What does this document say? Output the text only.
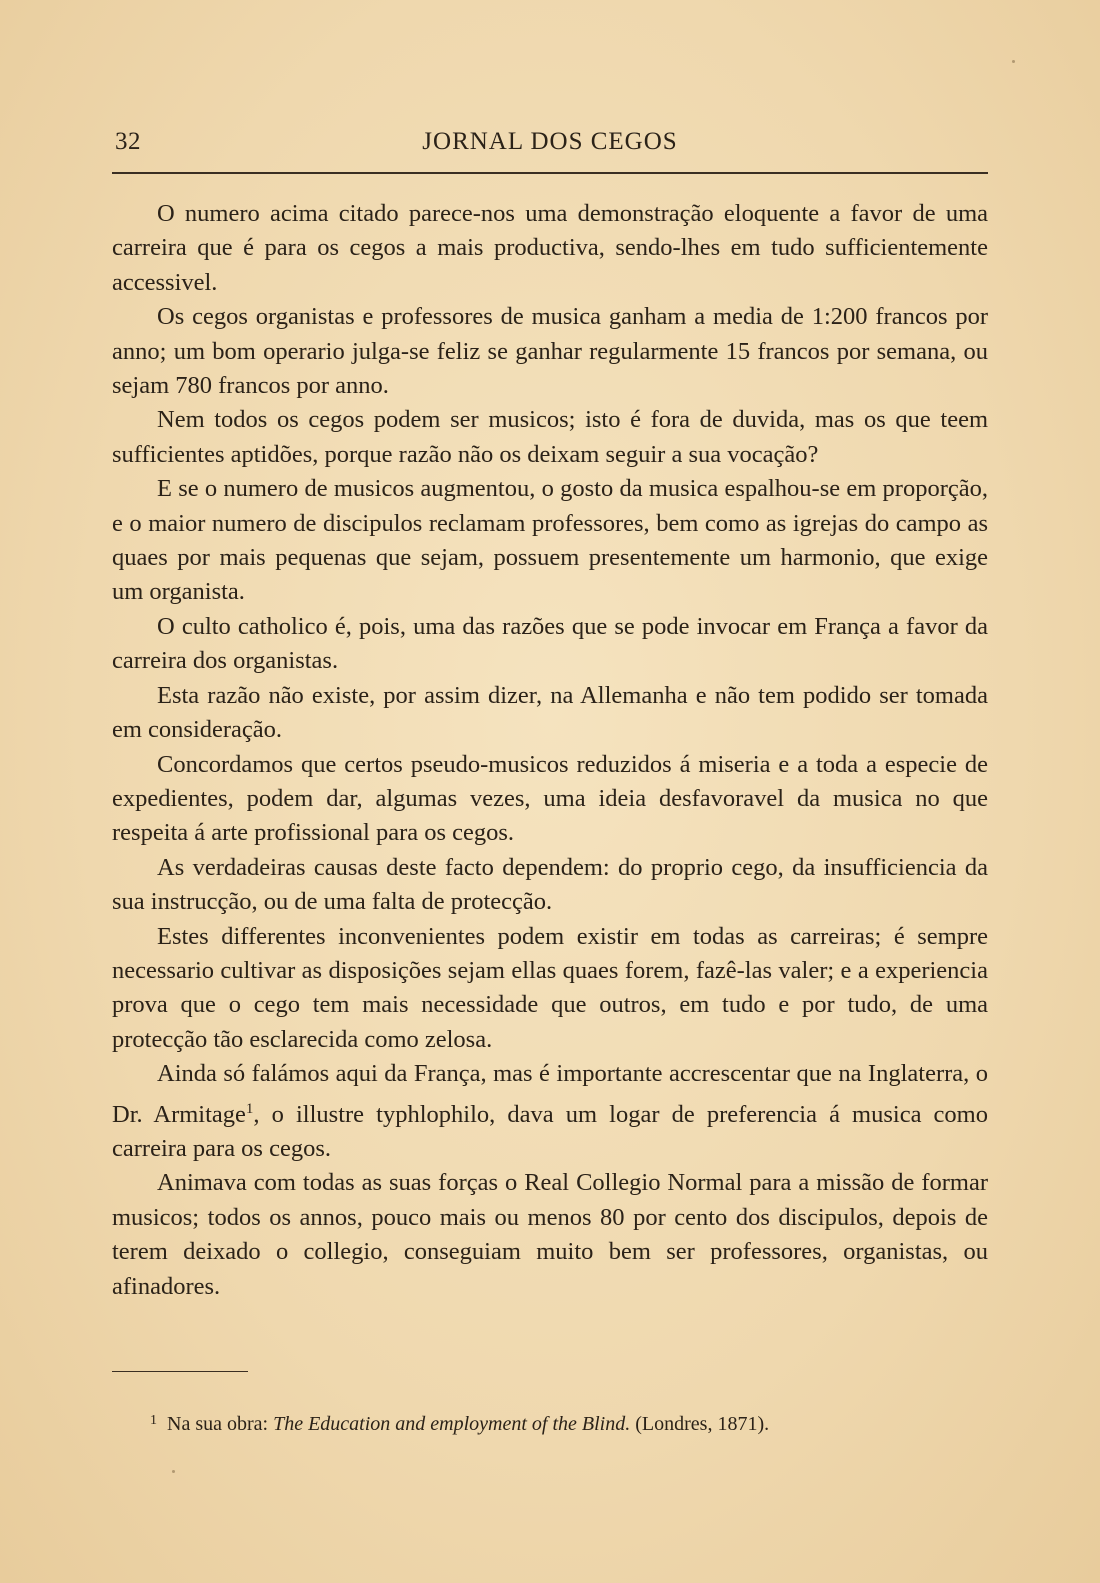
32	JORNAL DOS CEGOS

O numero acima citado parece-nos uma demonstração eloquente a favor de uma carreira que é para os cegos a mais productiva, sendo-lhes em tudo sufficientemente accessivel.

Os cegos organistas e professores de musica ganham a media de 1:200 francos por anno; um bom operario julga-se feliz se ganhar regularmente 15 francos por semana, ou sejam 780 francos por anno.

Nem todos os cegos podem ser musicos; isto é fora de duvida, mas os que teem sufficientes aptidões, porque razão não os deixam seguir a sua vocação?

E se o numero de musicos augmentou, o gosto da musica espalhou-se em proporção, e o maior numero de discipulos reclamam professores, bem como as igrejas do campo as quaes por mais pequenas que sejam, possuem presentemente um harmonio, que exige um organista.

O culto catholico é, pois, uma das razões que se pode invocar em França a favor da carreira dos organistas.

Esta razão não existe, por assim dizer, na Allemanha e não tem podido ser tomada em consideração.

Concordamos que certos pseudo-musicos reduzidos á miseria e a toda a especie de expedientes, podem dar, algumas vezes, uma ideia desfavoravel da musica no que respeita á arte profissional para os cegos.

As verdadeiras causas deste facto dependem: do proprio cego, da insufficiencia da sua instrucção, ou de uma falta de protecção.

Estes differentes inconvenientes podem existir em todas as carreiras; é sempre necessario cultivar as disposições sejam ellas quaes forem, fazê-las valer; e a experiencia prova que o cego tem mais necessidade que outros, em tudo e por tudo, de uma protecção tão esclarecida como zelosa.

Ainda só falámos aqui da França, mas é importante accrescentar que na Inglaterra, o Dr. Armitage$^1$, o illustre typhlophilo, dava um logar de preferencia á musica como carreira para os cegos.

Animava com todas as suas forças o Real Collegio Normal para a missão de formar musicos; todos os annos, pouco mais ou menos 80 por cento dos discipulos, depois de terem deixado o collegio, conseguiam muito bem ser professores, organistas, ou afinadores.

$^1$ Na sua obra: The Education and employment of the Blind. (Londres, 1871).
